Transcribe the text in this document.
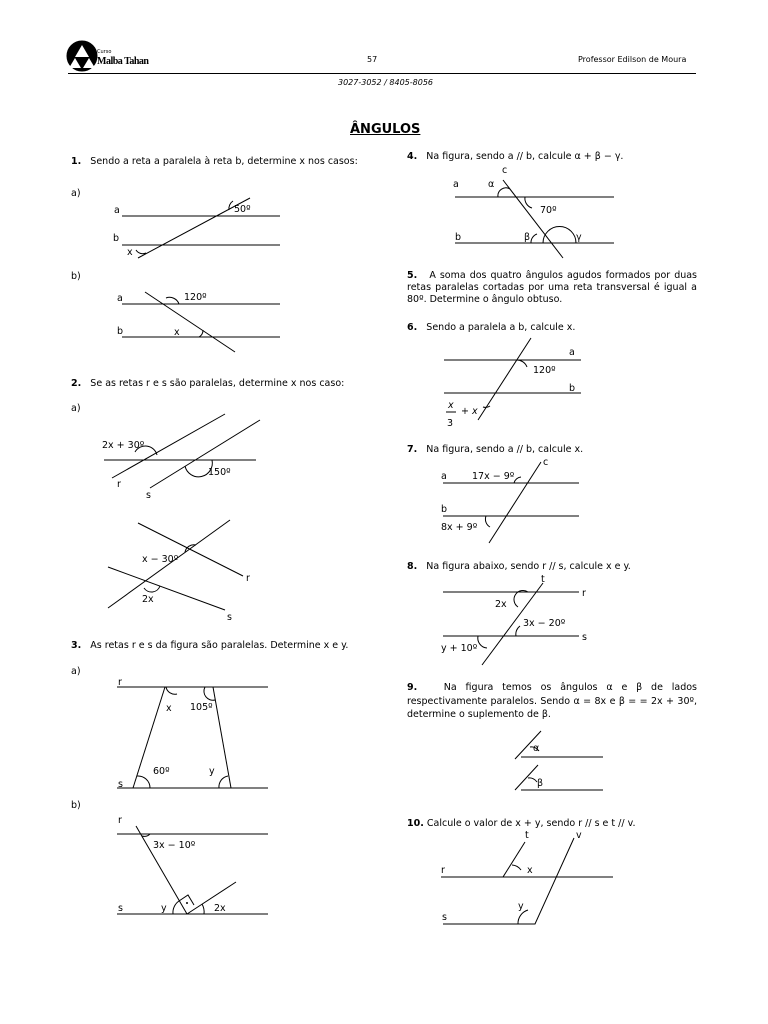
Curso
Malba Tahan	57	Professor Edilson de Moura
3027-3052 / 8405-8056
ÂNGULOS
1. Sendo a reta a paralela à reta b, determine x nos casos:
a)
a
b
50º
x
b)
a
b
120º
x
2. Se as retas r e s são paralelas, determine x nos caso:
a)
2x + 30º
150º
r
s
x − 30º
2x
r
s
3. As retas r e s da figura são paralelas. Determine x e y.
a)
r
s
x 105º
60º	y
b)
r
s
3x − 10º
y	2x
4. Na figura, sendo a // b, calcule α + β − γ.
c
a	α
70º
b	β	γ
5. A soma dos quatro ângulos agudos formados por duas retas paralelas cortadas por uma reta transversal é igual a 80º. Determine o ângulo obtuso.
6. Sendo a paralela a b, calcule x.
a
b
120º
x
3
+ x
7. Na figura, sendo a // b, calcule x.
c
a	17x − 9º
b
8x + 9º
8. Na figura abaixo, sendo r // s, calcule x e y.
t
r
s
2x
3x − 20º
y + 10º
9.	Na figura temos os ângulos α e β de lados respectivamente paralelos. Sendo α = 8x e β = = 2x + 30º, determine o suplemento de β.
α
β
10. Calcule o valor de x + y, sendo r // s e t // v.
t	v
r
s
x
y
